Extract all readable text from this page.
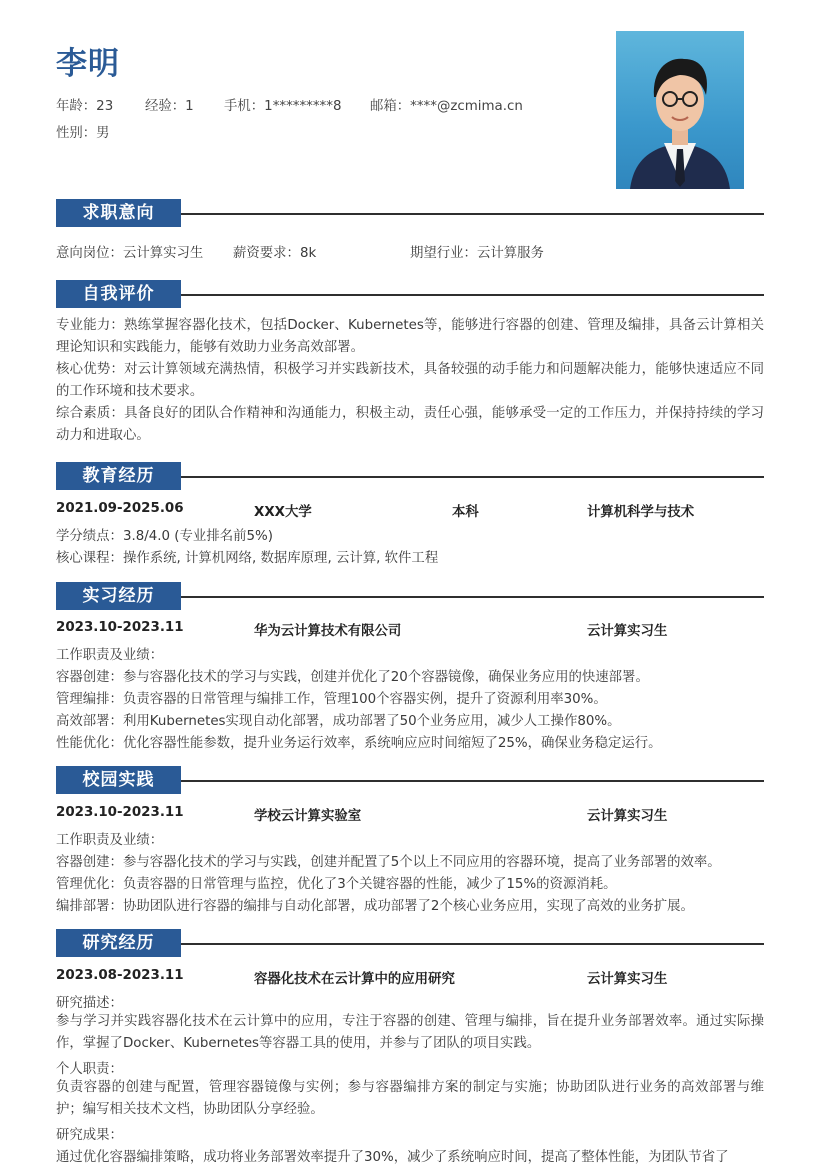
李明
年龄：23 经验：1 手机：1*********8 邮箱：****@zcmima.cn
性别：男
求职意向
意向岗位：云计算实习生 薪资要求：8k	期望行业：云计算服务
自我评价
专业能力：熟练掌握容器化技术，包括Docker、Kubernetes等，能够进行容器的创建、管理及编排，具备云计算相关理论知识和实践能力，能够有效助力业务高效部署。
核心优势：对云计算领域充满热情，积极学习并实践新技术，具备较强的动手能力和问题解决能力，能够快速适应不同的工作环境和技术要求。
综合素质：具备良好的团队合作精神和沟通能力，积极主动，责任心强，能够承受一定的工作压力，并保持持续的学习动力和进取心。
教育经历
2021.09-2025.06	XXX大学	本科	计算机科学与技术
学分绩点：3.8/4.0 (专业排名前5%)
核心课程：操作系统, 计算机网络, 数据库原理, 云计算, 软件工程
实习经历
2023.10-2023.11	华为云计算技术有限公司	云计算实习生
工作职责及业绩：
容器创建：参与容器化技术的学习与实践，创建并优化了20个容器镜像，确保业务应用的快速部署。
管理编排：负责容器的日常管理与编排工作，管理100个容器实例，提升了资源利用率30%。
高效部署：利用Kubernetes实现自动化部署，成功部署了50个业务应用，减少人工操作80%。
性能优化：优化容器性能参数，提升业务运行效率，系统响应应时间缩短了25%，确保业务稳定运行。
校园实践
2023.10-2023.11	学校云计算实验室	云计算实习生
工作职责及业绩：
容器创建：参与容器化技术的学习与实践，创建并配置了5个以上不同应用的容器环境，提高了业务部署的效率。
管理优化：负责容器的日常管理与监控，优化了3个关键容器的性能，减少了15%的资源消耗。
编排部署：协助团队进行容器的编排与自动化部署，成功部署了2个核心业务应用，实现了高效的业务扩展。
研究经历
2023.08-2023.11	容器化技术在云计算中的应用研究	云计算实习生
研究描述：
参与学习并实践容器化技术在云计算中的应用，专注于容器的创建、管理与编排，旨在提升业务部署效率。通过实际操作，掌握了Docker、Kubernetes等容器工具的使用，并参与了团队的项目实践。
个人职责：
负责容器的创建与配置，管理容器镜像与实例；参与容器编排方案的制定与实施；协助团队进行业务的高效部署与维护；编写相关技术文档，协助团队分享经验。
研究成果：
通过优化容器编排策略，成功将业务部署效率提升了30%，减少了系统响应时间，提高了整体性能，为团队节省了
